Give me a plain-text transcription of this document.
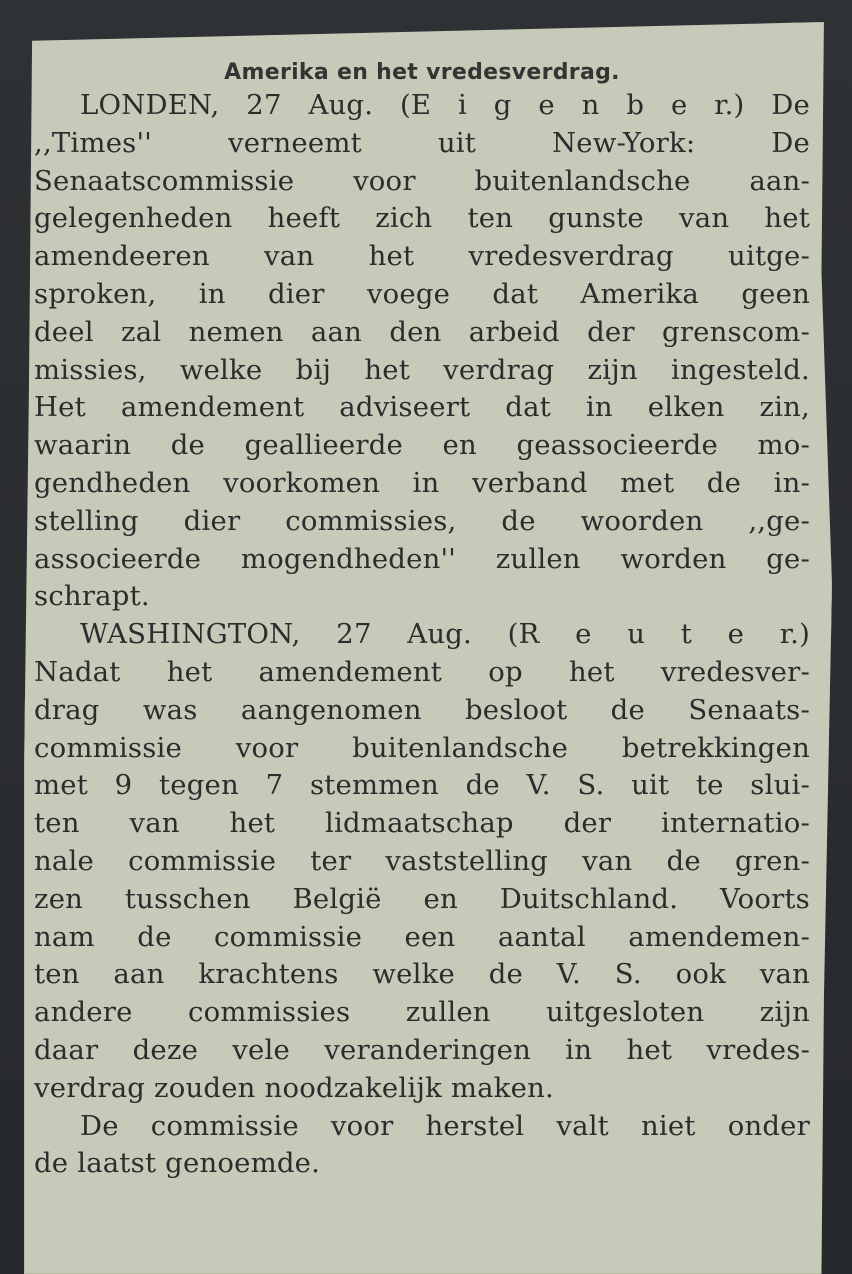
Amerika en het vredesverdrag.
LONDEN, 27 Aug. (E i g e n b e r.) De
,,Times'' verneemt uit New-York: De
Senaatscommissie voor buitenlandsche aan-
gelegenheden heeft zich ten gunste van het
amendeeren van het vredesverdrag uitge-
sproken, in dier voege dat Amerika geen
deel zal nemen aan den arbeid der grenscom-
missies, welke bij het verdrag zijn ingesteld.
Het amendement adviseert dat in elken zin,
waarin de geallieerde en geassocieerde mo-
gendheden voorkomen in verband met de in-
stelling dier commissies, de woorden ,,ge-
associeerde mogendheden'' zullen worden ge-
schrapt.
WASHINGTON, 27 Aug. (R e u t e r.)
Nadat het amendement op het vredesver-
drag was aangenomen besloot de Senaats-
commissie voor buitenlandsche betrekkingen
met 9 tegen 7 stemmen de V. S. uit te slui-
ten van het lidmaatschap der internatio-
nale commissie ter vaststelling van de gren-
zen tusschen België en Duitschland. Voorts
nam de commissie een aantal amendemen-
ten aan krachtens welke de V. S. ook van
andere commissies zullen uitgesloten zijn
daar deze vele veranderingen in het vredes-
verdrag zouden noodzakelijk maken.
De commissie voor herstel valt niet onder
de laatst genoemde.
